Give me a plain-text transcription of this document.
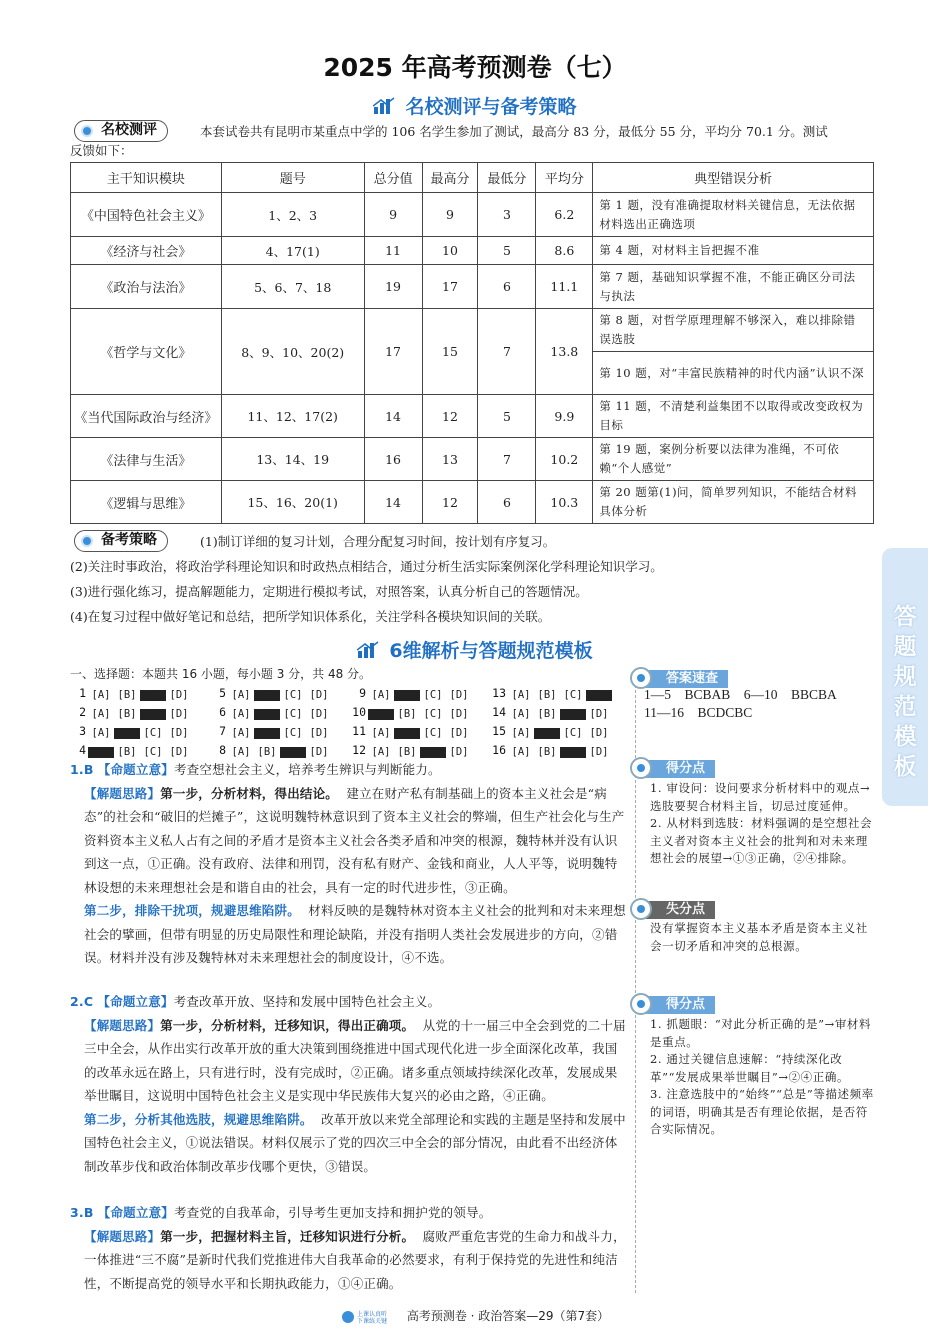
2025 年高考预测卷（七）
名校测评与备考策略
名校测评	本套试卷共有昆明市某重点中学的 106 名学生参加了测试，最高分 83 分，最低分 55 分，平均分 70.1 分。测试
反馈如下：
主干知识模块	题号	总分值	最高分	最低分	平均分	典型错误分析
《中国特色社会主义》	1、2、3	9	9	3	6.2	第 1 题，没有准确提取材料关键信息，无法依据材料选出正确选项
《经济与社会》	4、17(1)	11	10	5	8.6	第 4 题，对材料主旨把握不准
《政治与法治》	5、6、7、18	19	17	6	11.1	第 7 题，基础知识掌握不准，不能正确区分司法与执法
《哲学与文化》	8、9、10、20(2)	17	15	7	13.8	第 8 题，对哲学原理理解不够深入，难以排除错误选肢
						第 10 题，对“丰富民族精神的时代内涵”认识不深
《当代国际政治与经济》	11、12、17(2)	14	12	5	9.9	第 11 题，不清楚利益集团不以取得或改变政权为目标
《法律与生活》	13、14、19	16	13	7	10.2	第 19 题，案例分析要以法律为准绳，不可依赖“个人感觉”
《逻辑与思维》	15、16、20(1)	14	12	6	10.3	第 20 题第(1)问，简单罗列知识，不能结合材料具体分析
备考策略	(1)制订详细的复习计划，合理分配复习时间，按计划有序复习。
(2)关注时事政治，将政治学科理论知识和时政热点相结合，通过分析生活实际案例深化学科理论知识学习。
(3)进行强化练习，提高解题能力，定期进行模拟考试，对照答案，认真分析自己的答题情况。
(4)在复习过程中做好笔记和总结，把所学知识体系化，关注学科各模块知识间的关联。
6维解析与答题规范模板
答题规范模板
一、选择题：本题共 16 小题，每小题 3 分，共 48 分。
1 [A] [B] [C] [D]	5 [A] [B] [C] [D]	9 [A] [B] [C] [D] 13 [A] [B] [C] [D]
2 [A] [B] [C] [D]	6 [A] [B] [C] [D] 10 [A] [B] [C] [D] 14 [A] [B] [C] [D]
3 [A] [B] [C] [D]	7 [A] [B] [C] [D] 11 [A] [B] [C] [D] 15 [A] [B] [C] [D]
4 [A] [B] [C] [D]	8 [A] [B] [C] [D] 12 [A] [B] [C] [D] 16 [A] [B] [C] [D]
答案速查
1—5　BCBAB　6—10　BBCBA
11—16　BCDCBC
得分点
1. 审设问：设问要求分析材料中的观点→选肢要契合材料主旨，切忌过度延伸。
2. 从材料到选肢：材料强调的是空想社会主义者对资本主义社会的批判和对未来理想社会的展望→①③正确，②④排除。
失分点
没有掌握资本主义基本矛盾是资本主义社会一切矛盾和冲突的总根源。
得分点
1. 抓题眼：“对此分析正确的是”→审材料是重点。
2. 通过关键信息速解：“持续深化改革”“发展成果举世瞩目”→②④正确。
3. 注意选肢中的“始终”“总是”等描述频率的词语，明确其是否有理论依据，是否符合实际情况。
1.B 【命题立意】考查空想社会主义，培养考生辨识与判断能力。
【解题思路】第一步，分析材料，得出结论。 建立在财产私有制基础上的资本主义社会是“病态”的社会和“破旧的烂摊子”，这说明魏特林意识到了资本主义社会的弊端，但生产社会化与生产资料资本主义私人占有之间的矛盾才是资本主义社会各类矛盾和冲突的根源，魏特林并没有认识到这一点，①正确。没有政府、法律和刑罚，没有私有财产、金钱和商业，人人平等，说明魏特林设想的未来理想社会是和谐自由的社会，具有一定的时代进步性，③正确。
第二步，排除干扰项，规避思维陷阱。 材料反映的是魏特林对资本主义社会的批判和对未来理想社会的擘画，但带有明显的历史局限性和理论缺陷，并没有指明人类社会发展进步的方向，②错误。材料并没有涉及魏特林对未来理想社会的制度设计，④不选。
2.C 【命题立意】考查改革开放、坚持和发展中国特色社会主义。
【解题思路】第一步，分析材料，迁移知识，得出正确项。 从党的十一届三中全会到党的二十届三中全会，从作出实行改革开放的重大决策到围绕推进中国式现代化进一步全面深化改革，我国的改革永远在路上，只有进行时，没有完成时，②正确。诸多重点领域持续深化改革，发展成果举世瞩目，这说明中国特色社会主义是实现中华民族伟大复兴的必由之路，④正确。
第二步，分析其他选肢，规避思维陷阱。 改革开放以来党全部理论和实践的主题是坚持和发展中国特色社会主义，①说法错误。材料仅展示了党的四次三中全会的部分情况，由此看不出经济体制改革步伐和政治体制改革步伐哪个更快，③错误。
3.B 【命题立意】考查党的自我革命，引导考生更加支持和拥护党的领导。
【解题思路】第一步，把握材料主旨，迁移知识进行分析。 腐败严重危害党的生命力和战斗力，一体推进“三不腐”是新时代我们党推进伟大自我革命的必然要求，有利于保持党的先进性和纯洁性，不断提高党的领导水平和长期执政能力，①④正确。
上课认真听
下课练关键 高考预测卷 · 政治答案—29（第7套）
